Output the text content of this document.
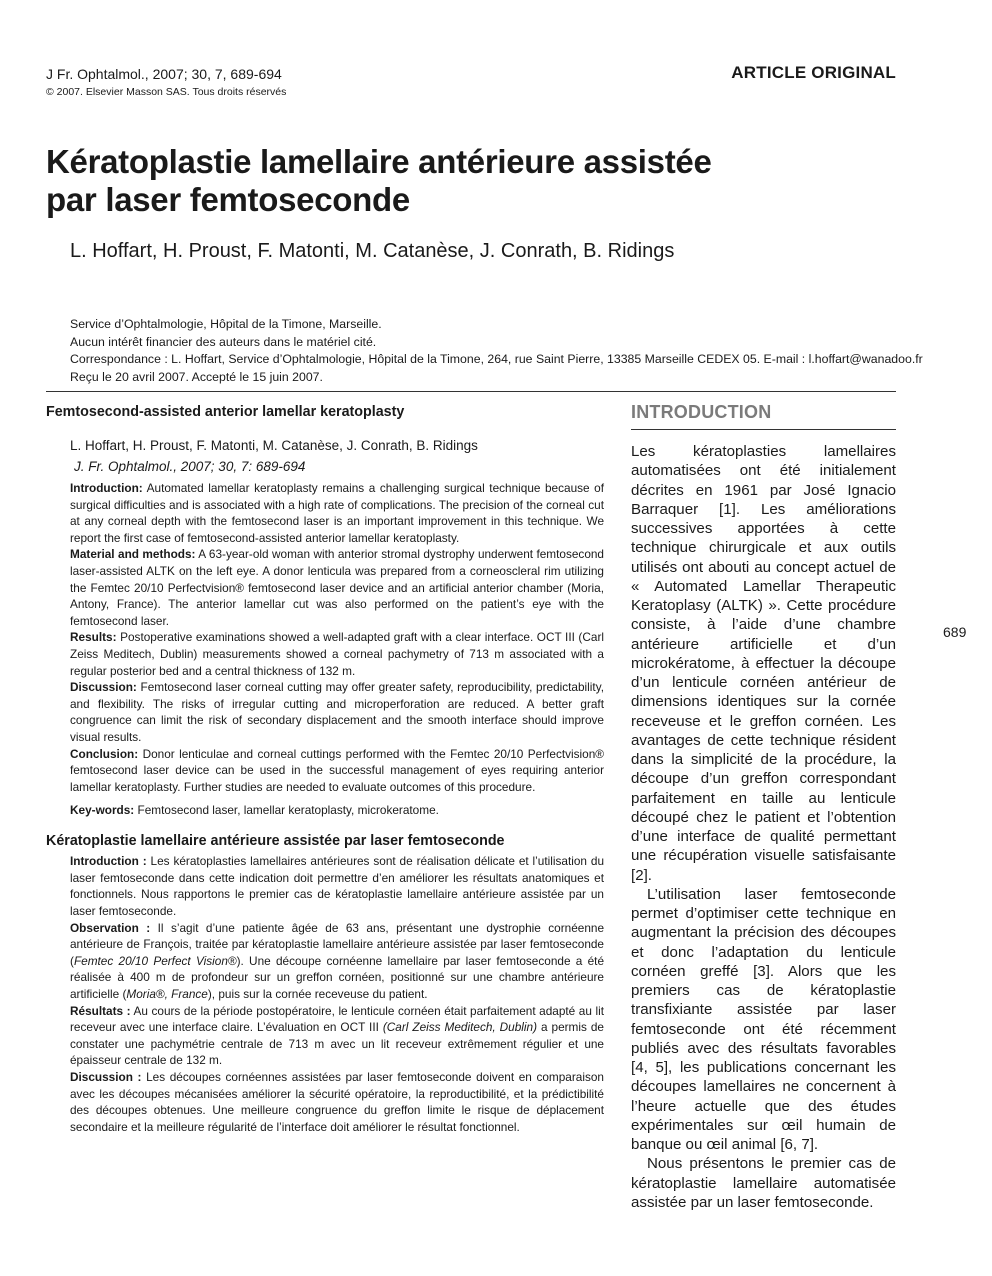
J Fr. Ophtalmol., 2007; 30, 7, 689-694
© 2007. Elsevier Masson SAS. Tous droits réservés
ARTICLE ORIGINAL
Kératoplastie lamellaire antérieure assistée
par laser femtoseconde
L. Hoffart, H. Proust, F. Matonti, M. Catanèse, J. Conrath, B. Ridings
Service d’Ophtalmologie, Hôpital de la Timone, Marseille.
Aucun intérêt financier des auteurs dans le matériel cité.
Correspondance : L. Hoffart, Service d’Ophtalmologie, Hôpital de la Timone, 264, rue Saint Pierre, 13385 Marseille CEDEX 05. E-mail : l.hoffart@wanadoo.fr
Reçu le 20 avril 2007. Accepté le 15 juin 2007.
689
Femtosecond-assisted anterior lamellar keratoplasty
L. Hoffart, H. Proust, F. Matonti, M. Catanèse, J. Conrath, B. Ridings
J. Fr. Ophtalmol., 2007; 30, 7: 689-694

Introduction: Automated lamellar keratoplasty remains a challenging surgical technique because of surgical difficulties and is associated with a high rate of complications. The precision of the corneal cut at any corneal depth with the femtosecond laser is an important improvement in this technique. We report the first case of femtosecond-assisted anterior lamellar keratoplasty.

Material and methods: A 63-year-old woman with anterior stromal dystrophy underwent femtosecond laser-assisted ALTK on the left eye. A donor lenticula was prepared from a corneoscleral rim utilizing the Femtec 20/10 Perfectvision® femtosecond laser device and an artificial anterior chamber (Moria, Antony, France). The anterior lamellar cut was also performed on the patient’s eye with the femtosecond laser.

Results: Postoperative examinations showed a well-adapted graft with a clear interface. OCT III (Carl Zeiss Meditech, Dublin) measurements showed a corneal pachymetry of 713 m associated with a regular posterior bed and a central thickness of 132 m.

Discussion: Femtosecond laser corneal cutting may offer greater safety, reproducibility, predictability, and flexibility. The risks of irregular cutting and microperforation are reduced. A better graft congruence can limit the risk of secondary displacement and the smooth interface should improve visual results.

Conclusion: Donor lenticulae and corneal cuttings performed with the Femtec 20/10 Perfectvision® femtosecond laser device can be used in the successful management of eyes requiring anterior lamellar keratoplasty. Further studies are needed to evaluate outcomes of this procedure.

Key-words: Femtosecond laser, lamellar keratoplasty, microkeratome.
Kératoplastie lamellaire antérieure assistée par laser femtoseconde

Introduction : Les kératoplasties lamellaires antérieures sont de réalisation délicate et l’utilisation du laser femtoseconde dans cette indication doit permettre d’en améliorer les résultats anatomiques et fonctionnels. Nous rapportons le premier cas de kératoplastie lamellaire antérieure assistée par un laser femtoseconde.

Observation : Il s’agit d’une patiente âgée de 63 ans, présentant une dystrophie cornéenne antérieure de François, traitée par kératoplastie lamellaire antérieure assistée par laser femtoseconde (Femtec 20/10 Perfect Vision®). Une découpe cornéenne lamellaire par laser femtoseconde a été réalisée à 400 m de profondeur sur un greffon cornéen, positionné sur une chambre antérieure artificielle (Moria®, France), puis sur la cornée receveuse du patient.

Résultats : Au cours de la période postopératoire, le lenticule cornéen était parfaitement adapté au lit receveur avec une interface claire. L’évaluation en OCT III (Carl Zeiss Meditech, Dublin) a permis de constater une pachymétrie centrale de 713 m avec un lit receveur extrêmement régulier et une épaisseur centrale de 132 m.

Discussion : Les découpes cornéennes assistées par laser femtoseconde doivent en comparaison avec les découpes mécanisées améliorer la sécurité opératoire, la reproductibilité, et la prédictibilité des découpes obtenues. Une meilleure congruence du greffon limite le risque de déplacement secondaire et la meilleure régularité de l’interface doit améliorer le résultat fonctionnel.

INTRODUCTION

Les kératoplasties lamellaires automatisées ont été initialement décrites en 1961 par José Ignacio Barraquer [1]. Les améliorations successives apportées à cette technique chirurgicale et aux outils utilisés ont abouti au concept actuel de « Automated Lamellar Therapeutic Keratoplasy (ALTK) ». Cette procédure consiste, à l’aide d’une chambre antérieure artificielle et d’un microkératome, à effectuer la découpe d’un lenticule cornéen antérieur de dimensions identiques sur la cornée receveuse et le greffon cornéen. Les avantages de cette technique résident dans la simplicité de la procédure, la découpe d’un greffon correspondant parfaitement en taille au lenticule découpé chez le patient et l’obtention d’une interface de qualité permettant une récupération visuelle satisfaisante [2].

L’utilisation laser femtoseconde permet d’optimiser cette technique en augmentant la précision des découpes et donc l’adaptation du lenticule cornéen greffé [3]. Alors que les premiers cas de kératoplastie transfixiante assistée par laser femtoseconde ont été récemment publiés avec des résultats favorables [4, 5], les publications concernant les découpes lamellaires ne concernent à l’heure actuelle que des études expérimentales sur œil humain de banque ou œil animal [6, 7].

Nous présentons le premier cas de kératoplastie lamellaire automatisée assistée par un laser femtoseconde.
